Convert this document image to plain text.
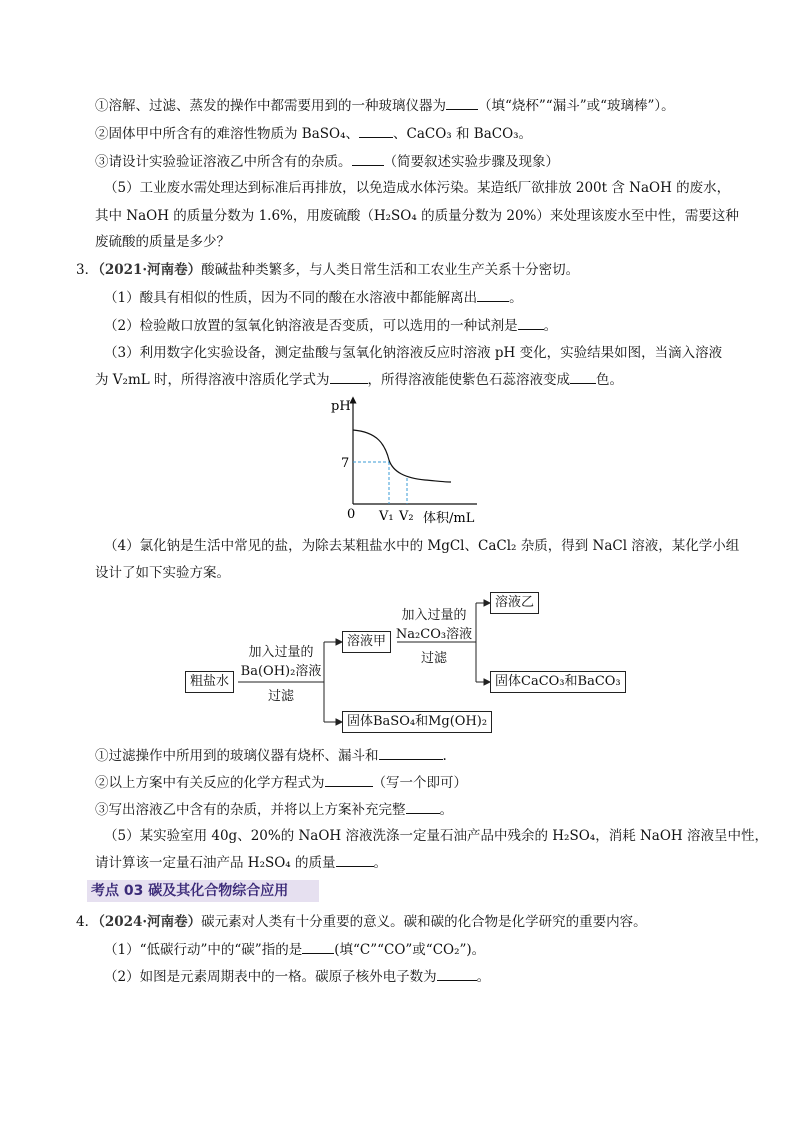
①溶解、过滤、蒸发的操作中都需要用到的一种玻璃仪器为 （填“烧杯”“漏斗”或“玻璃棒”）。
②固体甲中所含有的难溶性物质为 BaSO₄、	、CaCO₃ 和 BaCO₃。
③请设计实验验证溶液乙中所含有的杂质。 （简要叙述实验步骤及现象）
（5）工业废水需处理达到标准后再排放，以免造成水体污染。某造纸厂欲排放 200t 含 NaOH 的废水，
其中 NaOH 的质量分数为 1.6%，用废硫酸（H₂SO₄ 的质量分数为 20%）来处理该废水至中性，需要这种
废硫酸的质量是多少？
3．（2021·河南卷）酸碱盐种类繁多，与人类日常生活和工农业生产关系十分密切。
（1）酸具有相似的性质，因为不同的酸在水溶液中都能解离出 。
（2）检验敞口放置的氢氧化钠溶液是否变质，可以选用的一种试剂是 。
（3）利用数字化实验设备，测定盐酸与氢氧化钠溶液反应时溶液 pH 变化，实验结果如图，当滴入溶液
为 V₂mL 时，所得溶液中溶质化学式为	，所得溶液能使紫色石蕊溶液变成 色。
pH
7
0 V₁ V₂ 体积/mL
（4）氯化钠是生活中常见的盐，为除去某粗盐水中的 MgCl、CaCl₂ 杂质，得到 NaCl 溶液，某化学小组
设计了如下实验方案。
粗盐水
加入过量的
Ba(OH)₂溶液
过滤
溶液甲
加入过量的
Na₂CO₃溶液
过滤
溶液乙
固体CaCO₃和BaCO₃
固体BaSO₄和Mg(OH)₂
①过滤操作中所用到的玻璃仪器有烧杯、漏斗和	.
②以上方案中有关反应的化学方程式为	（写一个即可）
③写出溶液乙中含有的杂质，并将以上方案补充完整	。
（5）某实验室用 40g、20%的 NaOH 溶液洗涤一定量石油产品中残余的 H₂SO₄，消耗 NaOH 溶液呈中性，
请计算该一定量石油产品 H₂SO₄ 的质量	。
考点 03 碳及其化合物综合应用
4．（2024·河南卷）碳元素对人类有十分重要的意义。碳和碳的化合物是化学研究的重要内容。
（1）“低碳行动”中的“碳”指的是 (填“C”“CO”或“CO₂”)。
（2）如图是元素周期表中的一格。碳原子核外电子数为	。
